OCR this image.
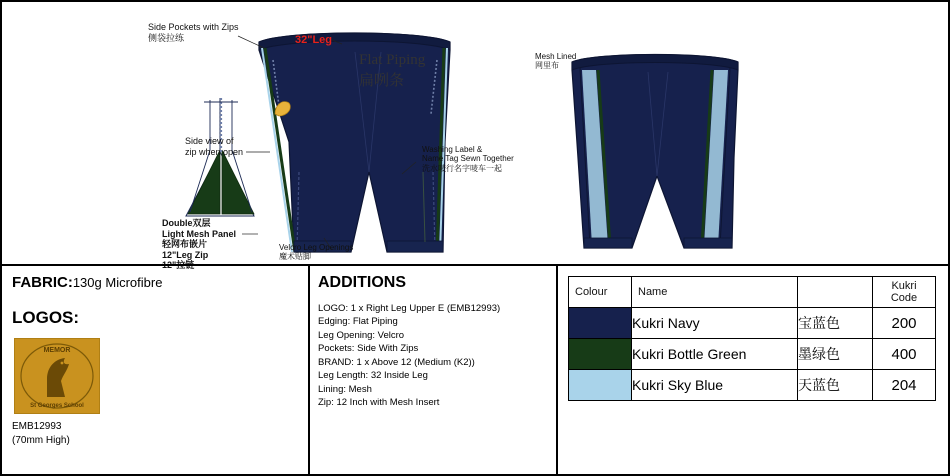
Side Pockets with Zips
侧袋拉练	32"Leg
Flat Piping
扁咧条
Side view of
zip when open
Double双层
Light Mesh Panel
轻网布嵌片
12"Leg Zip

Velcro Leg Openings
魔术贴脚
Washing Label &
Name Tag Sewn Together
洗水唛行名字唛车一起
Mesh Lined
网里布
FABRIC:130g Microfibre
LOGOS:
MEMOR
St Georges School
EMB12993
(70mm High)
ADDITIONS
LOGO: 1 x Right Leg Upper E (EMB12993)
Edging: Flat Piping
Leg Opening: Velcro
Pockets: Side With Zips
BRAND: 1 x Above 12 (Medium (K2))
Leg Length: 32 Inside Leg
Lining: Mesh
Zip: 12 Inch with Mesh Insert
Colour	Name		Kukri Code

	Kukri Navy	宝蓝色	200

	Kukri Bottle Green	墨绿色	400

	Kukri Sky Blue	天蓝色	204
